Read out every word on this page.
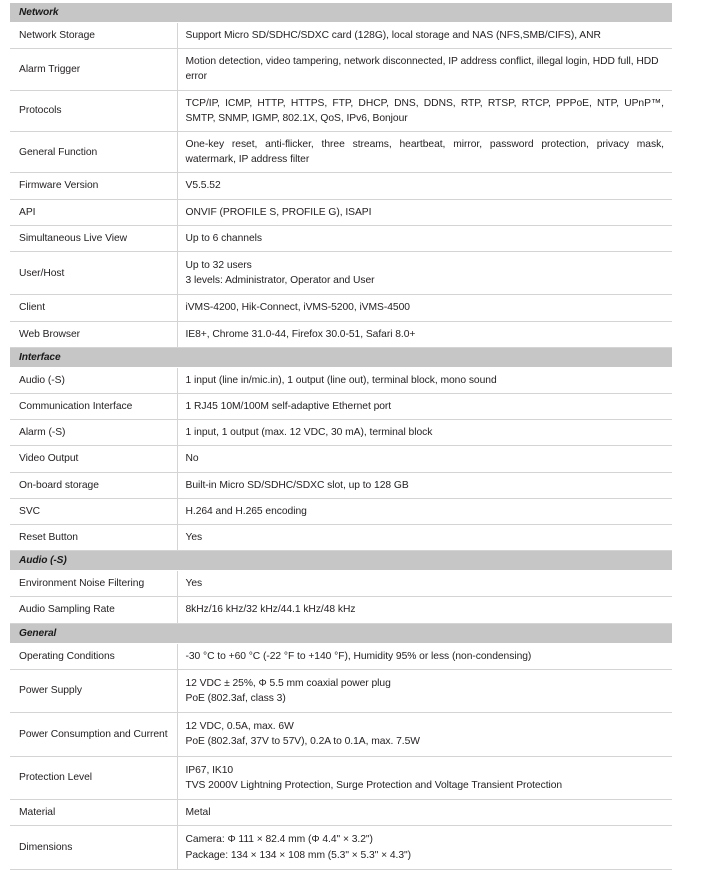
Network	
Network Storage	Support Micro SD/SDHC/SDXC card (128G), local storage and NAS (NFS,SMB/CIFS), ANR

Alarm Trigger	Motion detection, video tampering, network disconnected, IP address conflict, illegal login, HDD full, HDD error

Protocols	TCP/IP, ICMP, HTTP, HTTPS, FTP, DHCP, DNS, DDNS, RTP, RTSP, RTCP, PPPoE, NTP, UPnP™, SMTP, SNMP, IGMP, 802.1X, QoS, IPv6, Bonjour

General Function	One-key reset, anti-flicker, three streams, heartbeat, mirror, password protection, privacy mask, watermark, IP address filter

Firmware Version	V5.5.52

API	ONVIF (PROFILE S, PROFILE G), ISAPI

Simultaneous Live View	Up to 6 channels

User/Host	Up to 32 users
3 levels: Administrator, Operator and User

Client	iVMS-4200, Hik-Connect, iVMS-5200, iVMS-4500

Web Browser	IE8+, Chrome 31.0-44, Firefox 30.0-51, Safari 8.0+

Interface	
Audio (-S)	1 input (line in/mic.in), 1 output (line out), terminal block, mono sound

Communication Interface	1 RJ45 10M/100M self-adaptive Ethernet port

Alarm (-S)	1 input, 1 output (max. 12 VDC, 30 mA), terminal block

Video Output	No

On-board storage	Built-in Micro SD/SDHC/SDXC slot, up to 128 GB

SVC	H.264 and H.265 encoding

Reset Button	Yes

Audio (-S)	
Environment Noise Filtering	Yes

Audio Sampling Rate	8kHz/16 kHz/32 kHz/44.1 kHz/48 kHz

General	
Operating Conditions	-30 °C to +60 °C (-22 °F to +140 °F), Humidity 95% or less (non-condensing)

Power Supply	12 VDC ± 25%, Φ 5.5 mm coaxial power plug
PoE (802.3af, class 3)

Power Consumption and Current	12 VDC, 0.5A, max. 6W
PoE (802.3af, 37V to 57V), 0.2A to 0.1A, max. 7.5W

Protection Level	IP67, IK10
TVS 2000V Lightning Protection, Surge Protection and Voltage Transient Protection

Material	Metal

Dimensions	Camera: Φ 111 × 82.4 mm (Φ 4.4" × 3.2")
Package: 134 × 134 × 108 mm (5.3" × 5.3" × 4.3")
